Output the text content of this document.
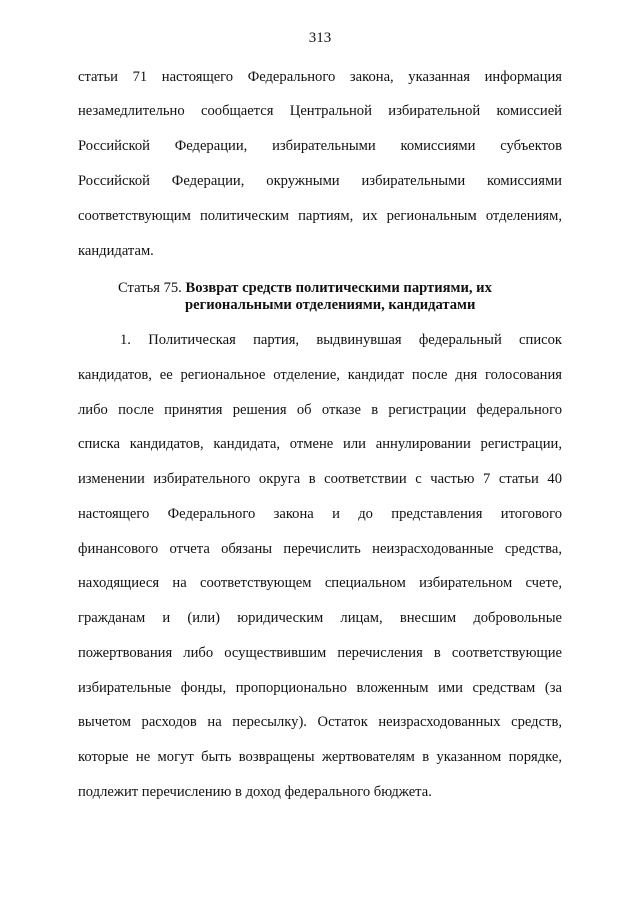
313
статьи 71 настоящего Федерального закона, указанная информация
незамедлительно сообщается Центральной избирательной комиссией
Российской Федерации, избирательными комиссиями субъектов
Российской Федерации, окружными избирательными комиссиями
соответствующим политическим партиям, их региональным отделениям,
кандидатам.
Статья 75. Возврат средств политическими партиями, их
региональными отделениями, кандидатами
1. Политическая партия, выдвинувшая федеральный список
кандидатов, ее региональное отделение, кандидат после дня голосования
либо после принятия решения об отказе в регистрации федерального
списка кандидатов, кандидата, отмене или аннулировании регистрации,
изменении избирательного округа в соответствии с частью 7 статьи 40
настоящего Федерального закона и до представления итогового
финансового отчета обязаны перечислить неизрасходованные средства,
находящиеся на соответствующем специальном избирательном счете,
гражданам и (или) юридическим лицам, внесшим добровольные
пожертвования либо осуществившим перечисления в соответствующие
избирательные фонды, пропорционально вложенным ими средствам (за
вычетом расходов на пересылку). Остаток неизрасходованных средств,
которые не могут быть возвращены жертвователям в указанном порядке,
подлежит перечислению в доход федерального бюджета.
